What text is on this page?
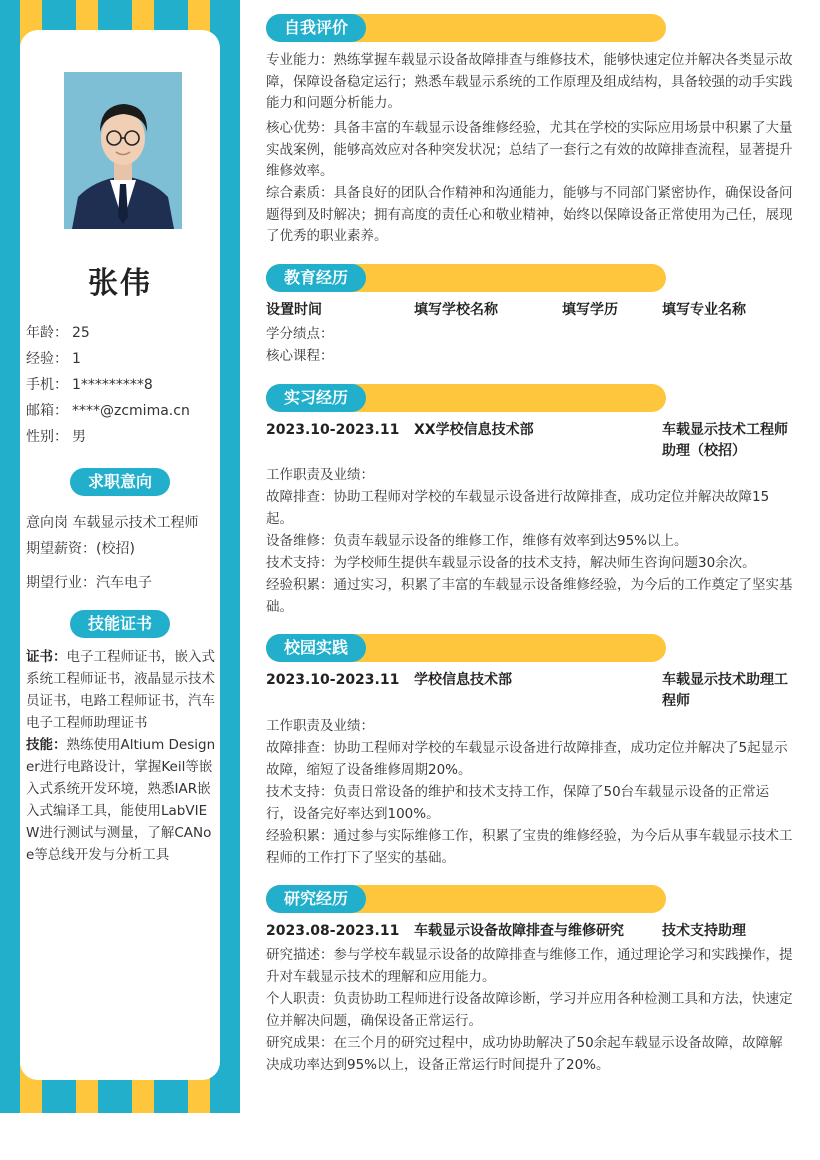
张伟
年龄： 25
经验： 1
手机： 1*********8
邮箱： ****@zcmima.cn
性别： 男
求职意向
意向岗 车载显示技术工程师
期望薪资：(校招)
期望行业：汽车电子
技能证书
证书：电子工程师证书，嵌入式系统工程师证书，液晶显示技术员证书，电路工程师证书，汽车电子工程师助理证书
技能：熟练使用Altium Designer进行电路设计，掌握Keil等嵌入式系统开发环境，熟悉IAR嵌入式编译工具，能使用LabVIEW进行测试与测量，了解CANoe等总线开发与分析工具
自我评价
专业能力：熟练掌握车载显示设备故障排查与维修技术，能够快速定位并解决各类显示故障，保障设备稳定运行；熟悉车载显示系统的工作原理及组成结构，具备较强的动手实践能力和问题分析能力。
核心优势：具备丰富的车载显示设备维修经验，尤其在学校的实际应用场景中积累了大量实战案例，能够高效应对各种突发状况；总结了一套行之有效的故障排查流程，显著提升维修效率。
综合素质：具备良好的团队合作精神和沟通能力，能够与不同部门紧密协作，确保设备问题得到及时解决；拥有高度的责任心和敬业精神，始终以保障设备正常使用为己任，展现了优秀的职业素养。
教育经历
设置时间	填写学校名称	填写学历	填写专业名称
学分绩点：
核心课程：
实习经历
2023.10-2023.11 XX学校信息技术部	车载显示技术工程师助理（校招）
工作职责及业绩：
故障排查：协助工程师对学校的车载显示设备进行故障排查，成功定位并解决故障15起。
设备维修：负责车载显示设备的维修工作，维修有效率到达95%以上。
技术支持：为学校师生提供车载显示设备的技术支持，解决师生咨询问题30余次。
经验积累：通过实习，积累了丰富的车载显示设备维修经验，为今后的工作奠定了坚实基础。
校园实践
2023.10-2023.11 学校信息技术部	车载显示技术助理工程师
工作职责及业绩：
故障排查：协助工程师对学校的车载显示设备进行故障排查，成功定位并解决了5起显示故障，缩短了设备维修周期20%。
技术支持：负责日常设备的维护和技术支持工作，保障了50台车载显示设备的正常运行，设备完好率达到100%。
经验积累：通过参与实际维修工作，积累了宝贵的维修经验，为今后从事车载显示技术工程师的工作打下了坚实的基础。
研究经历
2023.08-2023.11 车载显示设备故障排查与维修研究	技术支持助理
研究描述：参与学校车载显示设备的故障排查与维修工作，通过理论学习和实践操作，提升对车载显示技术的理解和应用能力。
个人职责：负责协助工程师进行设备故障诊断，学习并应用各种检测工具和方法，快速定位并解决问题，确保设备正常运行。
研究成果：在三个月的研究过程中，成功协助解决了50余起车载显示设备故障，故障解决成功率达到95%以上，设备正常运行时间提升了20%。
